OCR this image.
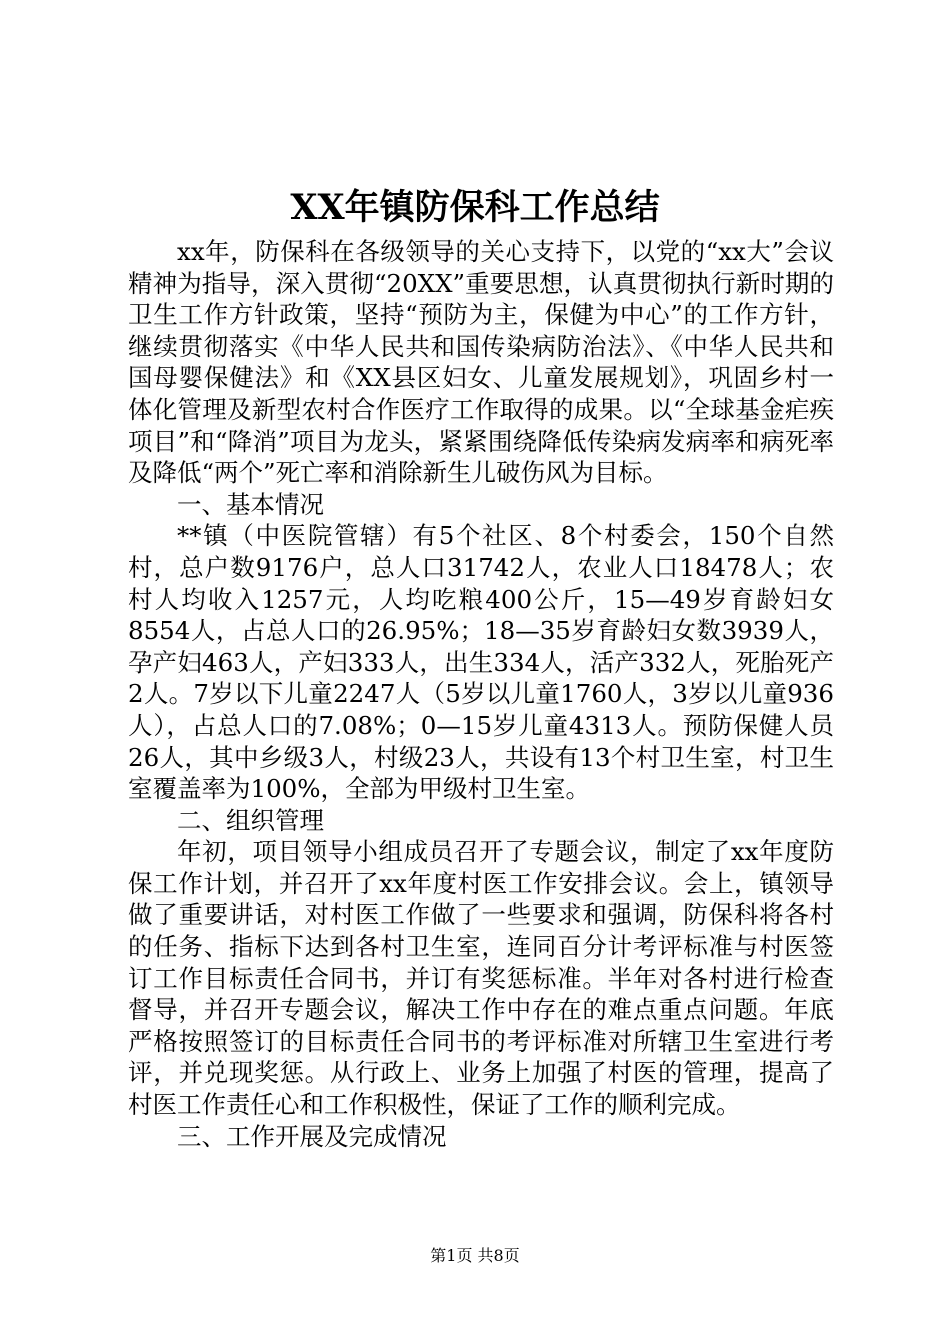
XX年镇防保科工作总结

xx年，防保科在各级领导的关心支持下，以党的“xx大”会议精神为指导，深入贯彻“20XX”重要思想，认真贯彻执行新时期的卫生工作方针政策，坚持“预防为主，保健为中心”的工作方针，继续贯彻落实《中华人民共和国传染病防治法》、《中华人民共和国母婴保健法》和《XX县区妇女、儿童发展规划》，巩固乡村一体化管理及新型农村合作医疗工作取得的成果。以“全球基金疟疾项目”和“降消”项目为龙头，紧紧围绕降低传染病发病率和病死率及降低“两个”死亡率和消除新生儿破伤风为目标。

一、基本情况

**镇（中医院管辖）有5个社区、8个村委会，150个自然村，总户数9176户，总人口31742人，农业人口18478人；农村人均收入1257元，人均吃粮400公斤，15—49岁育龄妇女8554人，占总人口的26.95%；18—35岁育龄妇女数3939人，孕产妇463人，产妇333人，出生334人，活产332人，死胎死产2人。7岁以下儿童2247人（5岁以儿童1760人，3岁以儿童936人），占总人口的7.08%；0—15岁儿童4313人。预防保健人员26人，其中乡级3人，村级23人，共设有13个村卫生室，村卫生室覆盖率为100%，全部为甲级村卫生室。

二、组织管理

年初，项目领导小组成员召开了专题会议，制定了xx年度防保工作计划，并召开了xx年度村医工作安排会议。会上，镇领导做了重要讲话，对村医工作做了一些要求和强调，防保科将各村的任务、指标下达到各村卫生室，连同百分计考评标准与村医签订工作目标责任合同书，并订有奖惩标准。半年对各村进行检查督导，并召开专题会议，解决工作中存在的难点重点问题。年底严格按照签订的目标责任合同书的考评标准对所辖卫生室进行考评，并兑现奖惩。从行政上、业务上加强了村医的管理，提高了村医工作责任心和工作积极性，保证了工作的顺利完成。

三、工作开展及完成情况

第1页 共8页
